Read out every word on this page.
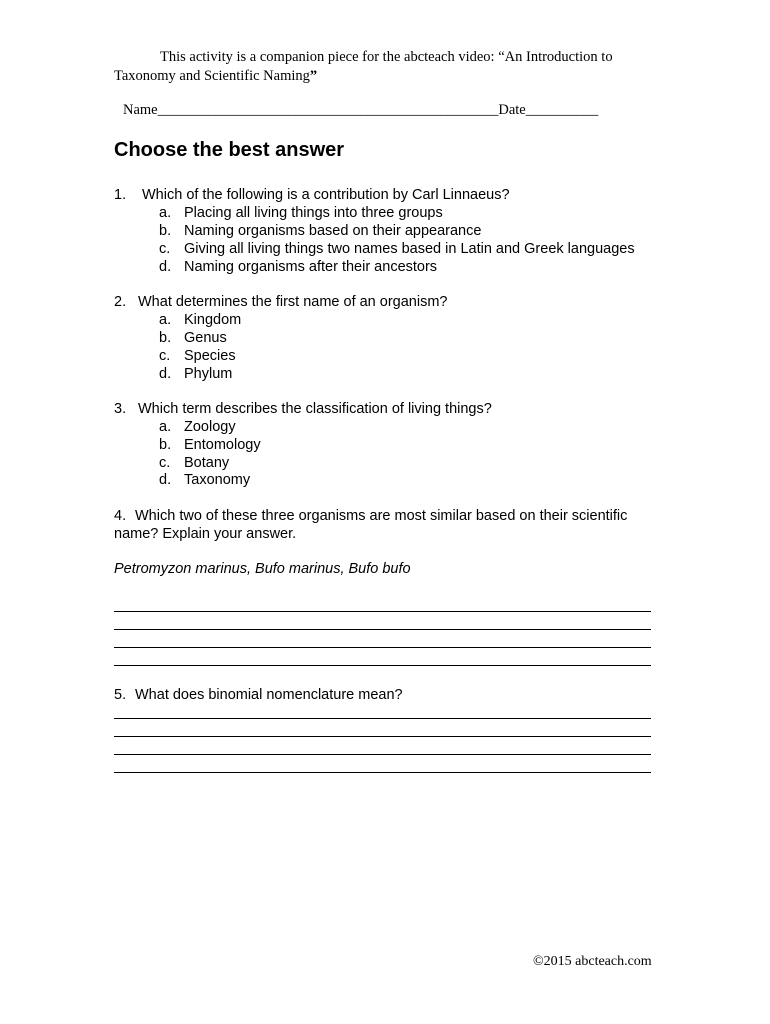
This activity is a companion piece for the abcteach video: “An Introduction to
Taxonomy and Scientific Naming”
Name_______________________________________________Date__________
Choose the best answer
1. Which of the following is a contribution by Carl Linnaeus?
a. Placing all living things into three groups
b. Naming organisms based on their appearance
c. Giving all living things two names based in Latin and Greek languages
d. Naming organisms after their ancestors
2. What determines the first name of an organism?
a. Kingdom
b. Genus
c. Species
d. Phylum
3. Which term describes the classification of living things?
a. Zoology
b. Entomology
c. Botany
d. Taxonomy
4. Which two of these three organisms are most similar based on their scientific
name? Explain your answer.
Petromyzon marinus, Bufo marinus, Bufo bufo
5. What does binomial nomenclature mean?
©2015 abcteach.com
